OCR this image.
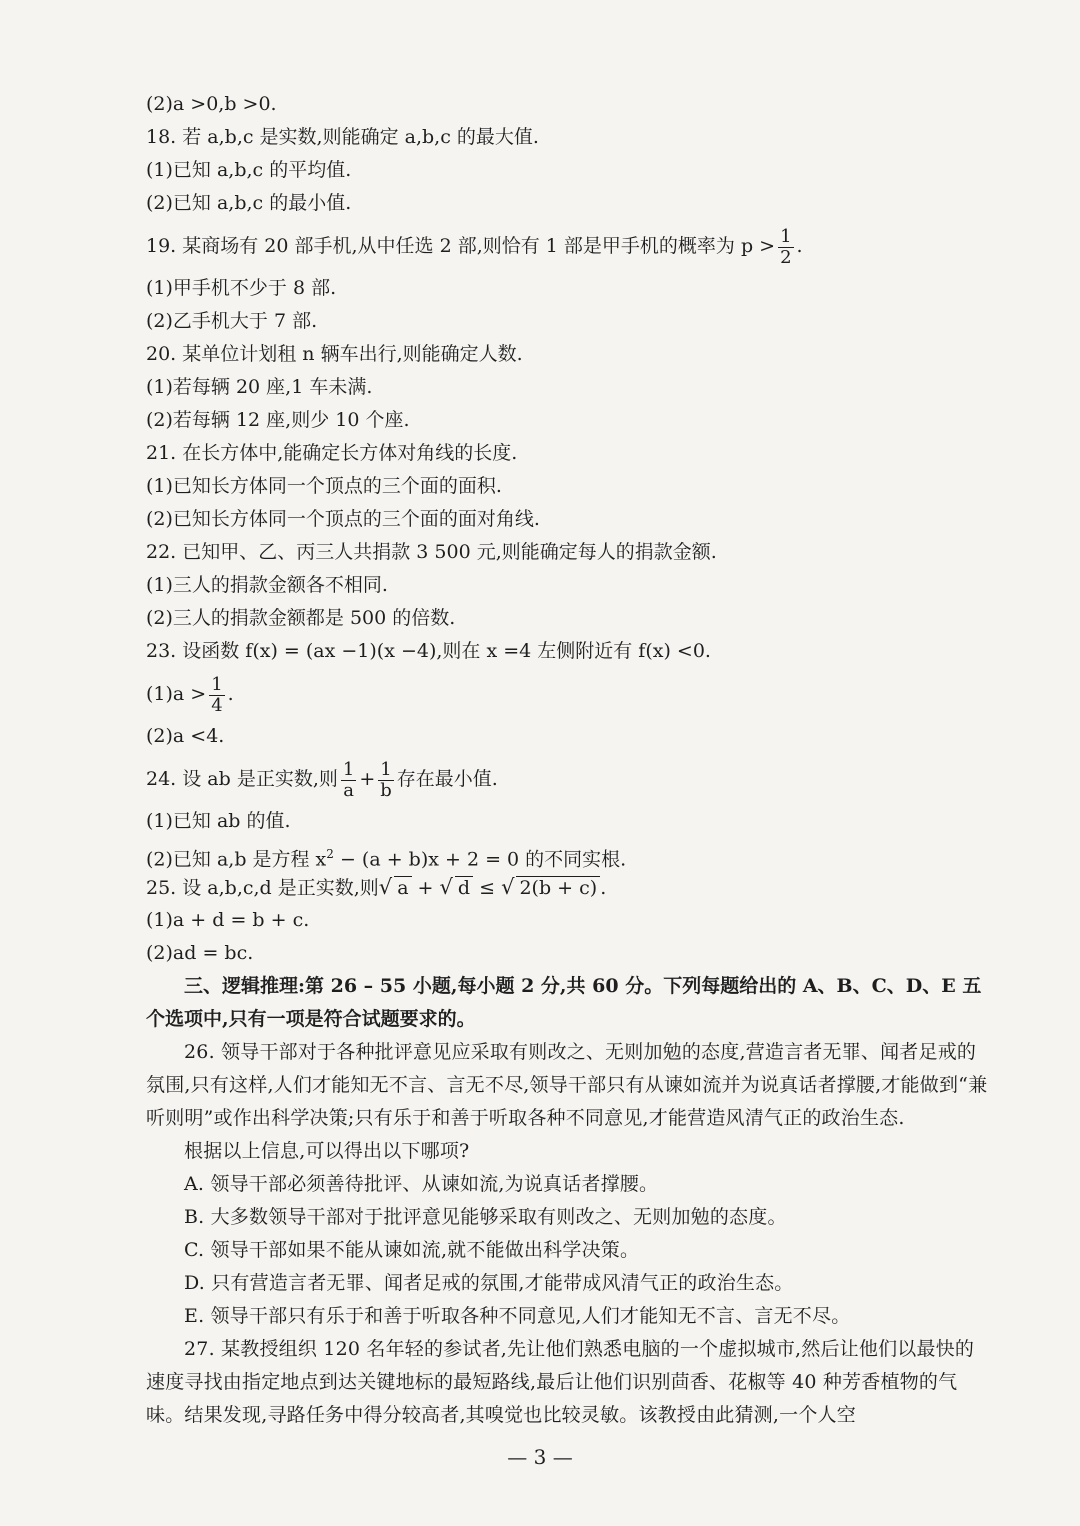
(2)a >0,b >0.
18. 若 a,b,c 是实数,则能确定 a,b,c 的最大值.
(1)已知 a,b,c 的平均值.
(2)已知 a,b,c 的最小值.
19. 某商场有 20 部手机,从中任选 2 部,则恰有 1 部是甲手机的概率为 $p > \frac{1}{2}$ .
(1)甲手机不少于 8 部.
(2)乙手机大于 7 部.
20. 某单位计划租 n 辆车出行,则能确定人数.
(1)若每辆 20 座,1 车未满.
(2)若每辆 12 座,则少 10 个座.
21. 在长方体中,能确定长方体对角线的长度.
(1)已知长方体同一个顶点的三个面的面积.
(2)已知长方体同一个顶点的三个面的面对角线.
22. 已知甲、乙、丙三人共捐款 3 500 元,则能确定每人的捐款金额.
(1)三人的捐款金额各不相同.
(2)三人的捐款金额都是 500 的倍数.
23. 设函数 f(x) = (ax −1)(x −4),则在 x =4 左侧附近有 f(x) <0.
$(1)a > \frac{1}{4}$ .
(2)a <4.
24. 设 ab 是正实数,则 $\frac{1}{a} + \frac{1}{b}$ 存在最小值.
(1)已知 ab 的值.
(2)已知 a,b 是方程 $x^2 - (a + b)x + 2 = 0$ 的不同实根.
25. 设 a,b,c,d 是正实数,则√ a + √ d ≤ √ 2(b + c) .
(1)a + d = b + c.
(2)ad = bc.
三、逻辑推理:第 26 – 55 小题,每小题 2 分,共 60 分。下列每题给出的 A、B、C、D、E 五个选项中,只有一项是符合试题要求的。
26. 领导干部对于各种批评意见应采取有则改之、无则加勉的态度,营造言者无罪、闻者足戒的氛围,只有这样,人们才能知无不言、言无不尽,领导干部只有从谏如流并为说真话者撑腰,才能做到“兼听则明”或作出科学决策;只有乐于和善于听取各种不同意见,才能营造风清气正的政治生态.
根据以上信息,可以得出以下哪项?
A. 领导干部必须善待批评、从谏如流,为说真话者撑腰。
B. 大多数领导干部对于批评意见能够采取有则改之、无则加勉的态度。
C. 领导干部如果不能从谏如流,就不能做出科学决策。
D. 只有营造言者无罪、闻者足戒的氛围,才能带成风清气正的政治生态。
E. 领导干部只有乐于和善于听取各种不同意见,人们才能知无不言、言无不尽。
27. 某教授组织 120 名年轻的参试者,先让他们熟悉电脑的一个虚拟城市,然后让他们以最快的速度寻找由指定地点到达关键地标的最短路线,最后让他们识别茴香、花椒等 40 种芳香植物的气味。结果发现,寻路任务中得分较高者,其嗅觉也比较灵敏。该教授由此猜测,一个人空
— 3 —
